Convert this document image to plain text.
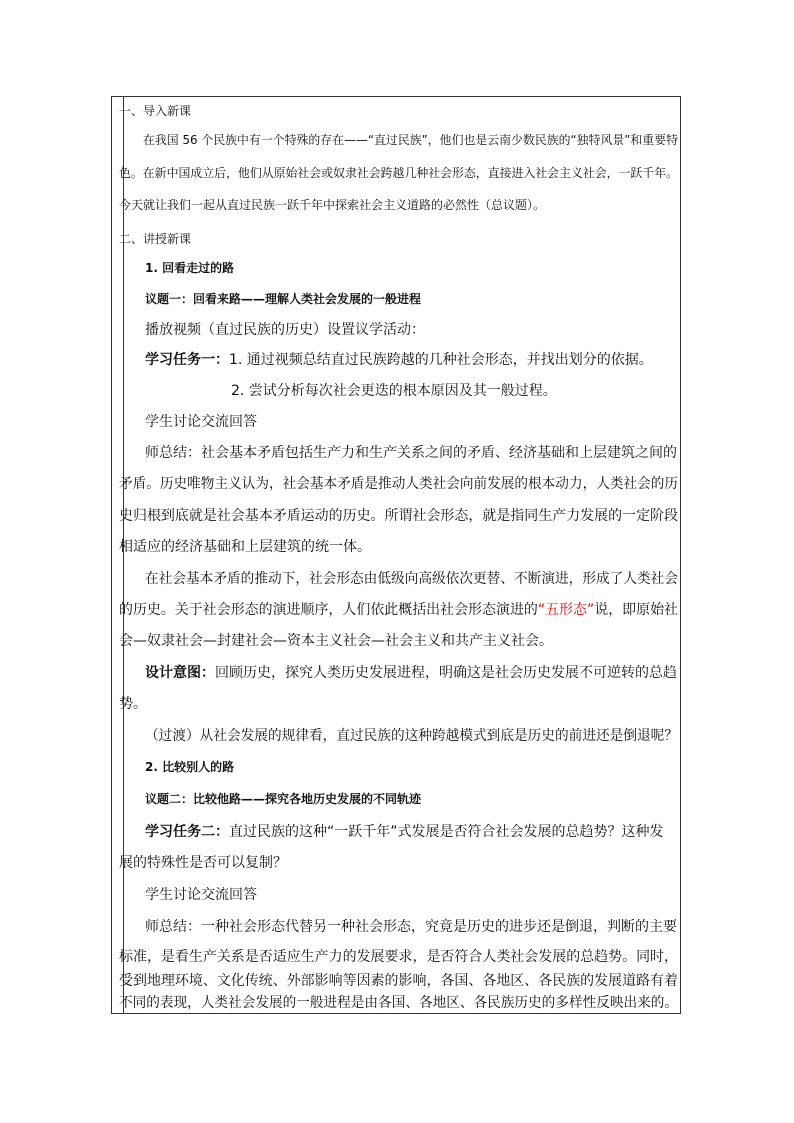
一、导入新课
在我国 56 个民族中有一个特殊的存在——“直过民族”，他们也是云南少数民族的“独特风景”和重要特
色。在新中国成立后，他们从原始社会或奴隶社会跨越几种社会形态，直接进入社会主义社会，一跃千年。
今天就让我们一起从直过民族一跃千年中探索社会主义道路的必然性（总议题）。
二、讲授新课
1. 回看走过的路
议题一：回看来路——理解人类社会发展的一般进程
播放视频（直过民族的历史）设置议学活动：
学习任务一：1. 通过视频总结直过民族跨越的几种社会形态，并找出划分的依据。
2. 尝试分析每次社会更迭的根本原因及其一般过程。
学生讨论交流回答
师总结：社会基本矛盾包括生产力和生产关系之间的矛盾、经济基础和上层建筑之间的
矛盾。历史唯物主义认为，社会基本矛盾是推动人类社会向前发展的根本动力，人类社会的历
史归根到底就是社会基本矛盾运动的历史。所谓社会形态，就是指同生产力发展的一定阶段
相适应的经济基础和上层建筑的统一体。
在社会基本矛盾的推动下，社会形态由低级向高级依次更替、不断演进，形成了人类社会
的历史。关于社会形态的演进顺序，人们依此概括出社会形态演进的“五形态”说，即原始社
会—奴隶社会—封建社会—资本主义社会—社会主义和共产主义社会。
设计意图：回顾历史，探究人类历史发展进程，明确这是社会历史发展不可逆转的总趋
势。
（过渡）从社会发展的规律看，直过民族的这种跨越模式到底是历史的前进还是倒退呢？
2. 比较别人的路
议题二：比较他路——探究各地历史发展的不同轨迹
学习任务二：直过民族的这种“一跃千年”式发展是否符合社会发展的总趋势？这种发
展的特殊性是否可以复制？
学生讨论交流回答
师总结：一种社会形态代替另一种社会形态，究竟是历史的进步还是倒退，判断的主要
标准，是看生产关系是否适应生产力的发展要求，是否符合人类社会发展的总趋势。同时，
受到地理环境、文化传统、外部影响等因素的影响，各国、各地区、各民族的发展道路有着
不同的表现，人类社会发展的一般进程是由各国、各地区、各民族历史的多样性反映出来的。
